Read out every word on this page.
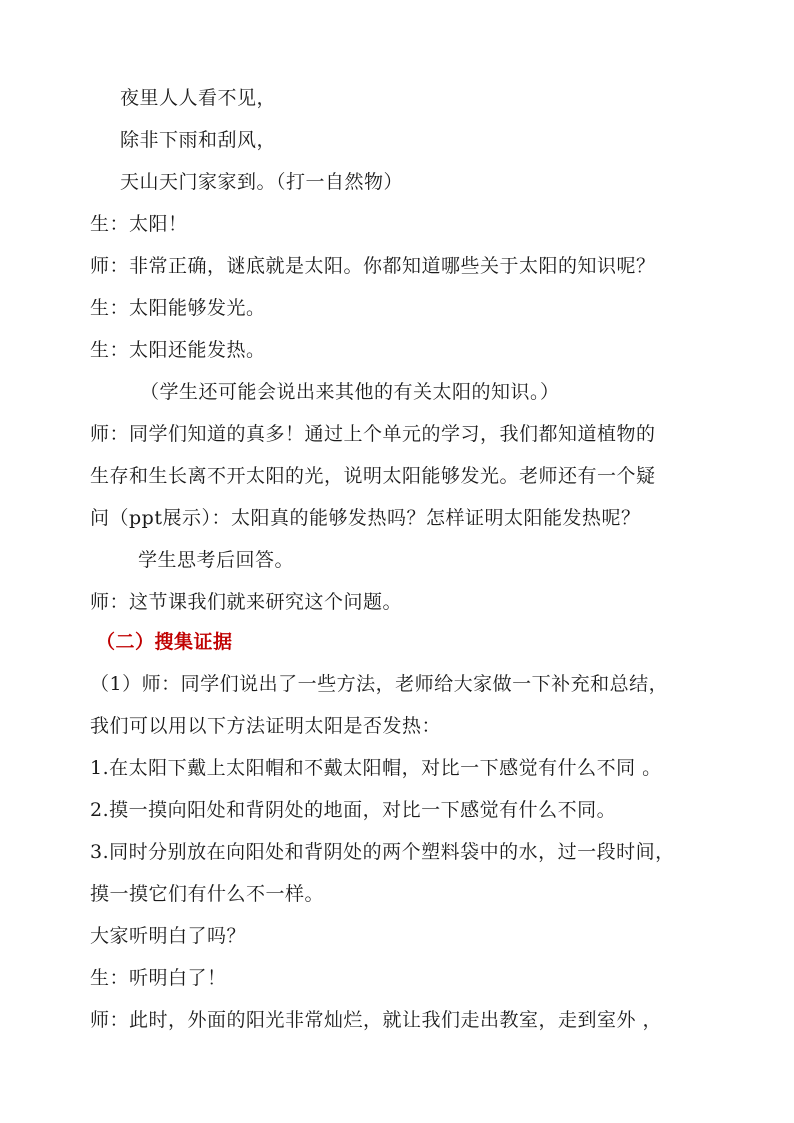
夜里人人看不见，
除非下雨和刮风，
天山天门家家到。（打一自然物）
生：太阳！
师：非常正确，谜底就是太阳。你都知道哪些关于太阳的知识呢？
生：太阳能够发光。
生：太阳还能发热。
（学生还可能会说出来其他的有关太阳的知识。）
师：同学们知道的真多！通过上个单元的学习，我们都知道植物的
生存和生长离不开太阳的光，说明太阳能够发光。老师还有一个疑
问（ppt展示）：太阳真的能够发热吗？怎样证明太阳能发热呢？
学生思考后回答。
师：这节课我们就来研究这个问题。
（二）搜集证据
（1）师：同学们说出了一些方法，老师给大家做一下补充和总结，
我们可以用以下方法证明太阳是否发热：
1.在太阳下戴上太阳帽和不戴太阳帽，对比一下感觉有什么不同 。
2.摸一摸向阳处和背阴处的地面，对比一下感觉有什么不同。
3.同时分别放在向阳处和背阴处的两个塑料袋中的水，过一段时间，
摸一摸它们有什么不一样。
大家听明白了吗？
生：听明白了！
师：此时，外面的阳光非常灿烂，就让我们走出教室，走到室外 ，
